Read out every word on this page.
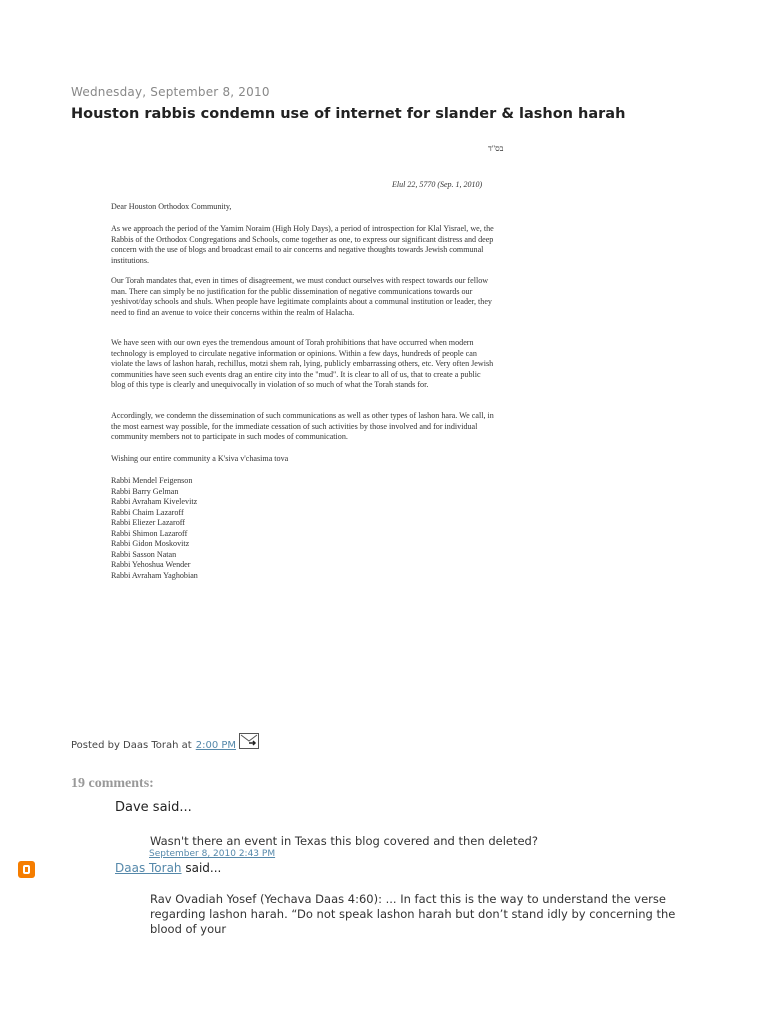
Wednesday, September 8, 2010
Houston rabbis condemn use of internet for slander & lashon harah
בס"ד
Elul 22, 5770 (Sep. 1, 2010)

Dear Houston Orthodox Community,

As we approach the period of the Yamim Noraim (High Holy Days), a period of introspection for Klal Yisrael, we, the Rabbis of the Orthodox Congregations and Schools, come together as one, to express our significant distress and deep concern with the use of blogs and broadcast email to air concerns and negative thoughts towards Jewish communal institutions.

Our Torah mandates that, even in times of disagreement, we must conduct ourselves with respect towards our fellow man. There can simply be no justification for the public dissemination of negative communications towards our yeshivot/day schools and shuls. When people have legitimate complaints about a communal institution or leader, they need to find an avenue to voice their concerns within the realm of Halacha.

We have seen with our own eyes the tremendous amount of Torah prohibitions that have occurred when modern technology is employed to circulate negative information or opinions. Within a few days, hundreds of people can violate the laws of lashon harah, rechillus, motzi shem rah, lying, publicly embarrassing others, etc. Very often Jewish communities have seen such events drag an entire city into the "mud". It is clear to all of us, that to create a public blog of this type is clearly and unequivocally in violation of so much of what the Torah stands for.

Accordingly, we condemn the dissemination of such communications as well as other types of lashon hara. We call, in the most earnest way possible, for the immediate cessation of such activities by those involved and for individual community members not to participate in such modes of communication.

Wishing our entire community a K'siva v'chasima tova

Rabbi Mendel Feigenson
Rabbi Barry Gelman
Rabbi Avraham Kivelevitz
Rabbi Chaim Lazaroff
Rabbi Eliezer Lazaroff
Rabbi Shimon Lazaroff
Rabbi Gidon Moskovitz
Rabbi Sasson Natan
Rabbi Yehoshua Wender
Rabbi Avraham Yaghobian
Posted by Daas Torah at 2:00 PM
19 comments:
Dave said...
Wasn't there an event in Texas this blog covered and then deleted?
September 8, 2010 2:43 PM
Daas Torah said...
Rav Ovadiah Yosef (Yechava Daas 4:60): ... In fact this is the way to understand the verse regarding lashon harah. “Do not speak lashon harah but don’t stand idly by concerning the blood of your
